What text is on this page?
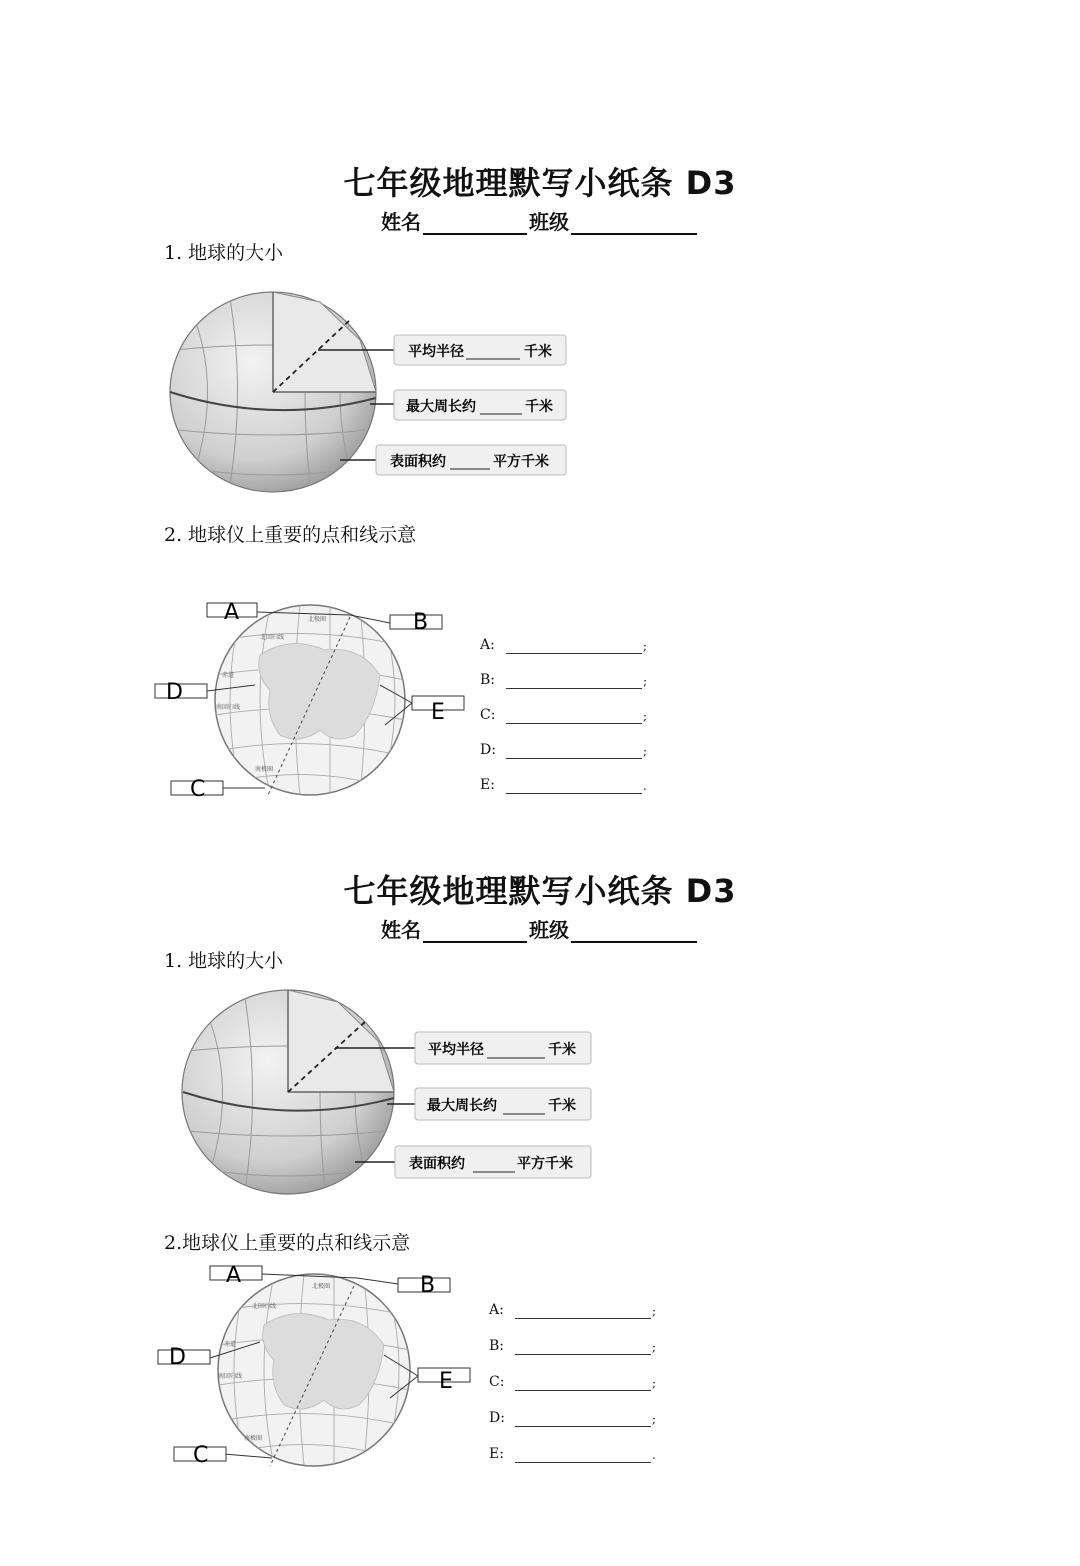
七年级地理默写小纸条 D3
姓名	班级
1. 地球的大小
平均半径	千米
最大周长约	千米
表面积约	平方千米
2. 地球仪上重要的点和线示意
北极圈
北回归线
赤道
南回归线
南极圈
A	B
D
E
C
A:	;
B:	;
C:	;
D:	;
E:	.
七年级地理默写小纸条 D3
姓名	班级
1. 地球的大小
平均半径	千米
最大周长约	千米
表面积约	平方千米
2.地球仪上重要的点和线示意
北极圈
北回归线
赤道
南回归线
南极圈
A	B
D
E
C
A:	;
B:	;
C:	;
D:	;
E:	.
